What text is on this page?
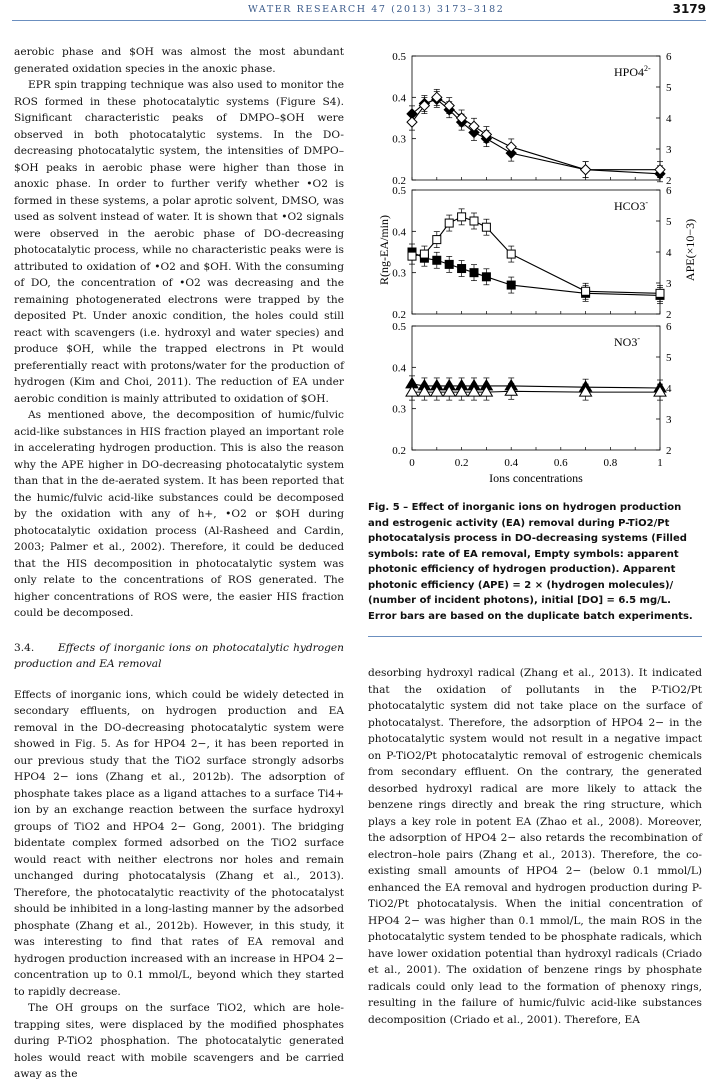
WATER RESEARCH 47 (2013) 3173–3182	3179

aerobic phase and $OH was almost the most abundant generated oxidation species in the anoxic phase.

EPR spin trapping technique was also used to monitor the ROS formed in these photocatalytic systems (Figure S4). Significant characteristic peaks of DMPO–$OH were observed in both photocatalytic systems. In the DO-decreasing photocatalytic system, the intensities of DMPO–$OH peaks in aerobic phase were higher than those in anoxic phase. In order to further verify whether •O2 is formed in these systems, a polar aprotic solvent, DMSO, was used as solvent instead of water. It is shown that •O2 signals were observed in the aerobic phase of DO-decreasing photocatalytic process, while no characteristic peaks were is attributed to oxidation of •O2 and $OH. With the consuming of DO, the concentration of •O2 was decreasing and the remaining photogenerated electrons were trapped by the deposited Pt. Under anoxic condition, the holes could still react with scavengers (i.e. hydroxyl and water species) and produce $OH, while the trapped electrons in Pt would preferentially react with protons/water for the production of hydrogen (Kim and Choi, 2011). The reduction of EA under aerobic condition is mainly attributed to oxidation of $OH.

As mentioned above, the decomposition of humic/fulvic acid-like substances in HIS fraction played an important role in accelerating hydrogen production. This is also the reason why the APE higher in DO-decreasing photocatalytic system than that in the de-aerated system. It has been reported that the humic/fulvic acid-like substances could be decomposed by the oxidation with any of h+, •O2 or $OH during photocatalytic oxidation process (Al-Rasheed and Cardin, 2003; Palmer et al., 2002). Therefore, it could be deduced that the HIS decomposition in photocatalytic system was only relate to the concentrations of ROS generated. The higher concentrations of ROS were, the easier HIS fraction could be decomposed.

3.4. Effects of inorganic ions on photocatalytic hydrogen production and EA removal

Effects of inorganic ions, which could be widely detected in secondary effluents, on hydrogen production and EA removal in the DO-decreasing photocatalytic system were showed in Fig. 5. As for HPO4 2−, it has been reported in our previous study that the TiO2 surface strongly adsorbs HPO4 2− ions (Zhang et al., 2012b). The adsorption of phosphate takes place as a ligand attaches to a surface Ti4+ ion by an exchange reaction between the surface hydroxyl groups of TiO2 and HPO4 2− Gong, 2001). The bridging bidentate complex formed adsorbed on the TiO2 surface would react with neither electrons nor holes and remain unchanged during photocatalysis (Zhang et al., 2013). Therefore, the photocatalytic reactivity of the photocatalyst should be inhibited in a long-lasting manner by the adsorbed phosphate (Zhang et al., 2012b). However, in this study, it was interesting to find that rates of EA removal and hydrogen production increased with an increase in HPO4 2− concentration up to 0.1 mmol/L, beyond which they started to rapidly decrease.

The OH groups on the surface TiO2, which are hole-trapping sites, were displaced by the modified phosphates during P-TiO2 phosphation. The photocatalytic generated holes would react with mobile scavengers and be carried away as the

0.2
0.3
0.4
0.5
2
3
4
5
6
$HPO4^{2-}$
0.2
0.3
0.4
0.5
2
3
4
5
6
HCO3-
0.2
0.3
0.4
0.5
2
3
4
5
6
NO3-
0	0.2	0.4	0.6	0.8	1
Ions concentrations
R(ng-EA/min)	APE(×10−3)
Fig. 5 – Effect of inorganic ions on hydrogen production and estrogenic activity (EA) removal during P-TiO2/Pt photocatalysis process in DO-decreasing systems (Filled symbols: rate of EA removal, Empty symbols: apparent photonic efficiency of hydrogen production). Apparent photonic efficiency (APE) = 2 × (hydrogen molecules)/ (number of incident photons), initial [DO] = 6.5 mg/L. Error bars are based on the duplicate batch experiments.

desorbing hydroxyl radical (Zhang et al., 2013). It indicated that the oxidation of pollutants in the P-TiO2/Pt photocatalytic system did not take place on the surface of photocatalyst. Therefore, the adsorption of HPO4 2− in the photocatalytic system would not result in a negative impact on P-TiO2/Pt photocatalytic removal of estrogenic chemicals from secondary effluent. On the contrary, the generated desorbed hydroxyl radical are more likely to attack the benzene rings directly and break the ring structure, which plays a key role in potent EA (Zhao et al., 2008). Moreover, the adsorption of HPO4 2− also retards the recombination of electron–hole pairs (Zhang et al., 2013). Therefore, the co-existing small amounts of HPO4 2− (below 0.1 mmol/L) enhanced the EA removal and hydrogen production during P-TiO2/Pt photocatalysis. When the initial concentration of HPO4 2− was higher than 0.1 mmol/L, the main ROS in the photocatalytic system tended to be phosphate radicals, which have lower oxidation potential than hydroxyl radicals (Criado et al., 2001). The oxidation of benzene rings by phosphate radicals could only lead to the formation of phenoxy rings, resulting in the failure of humic/fulvic acid-like substances decomposition (Criado et al., 2001). Therefore, EA
